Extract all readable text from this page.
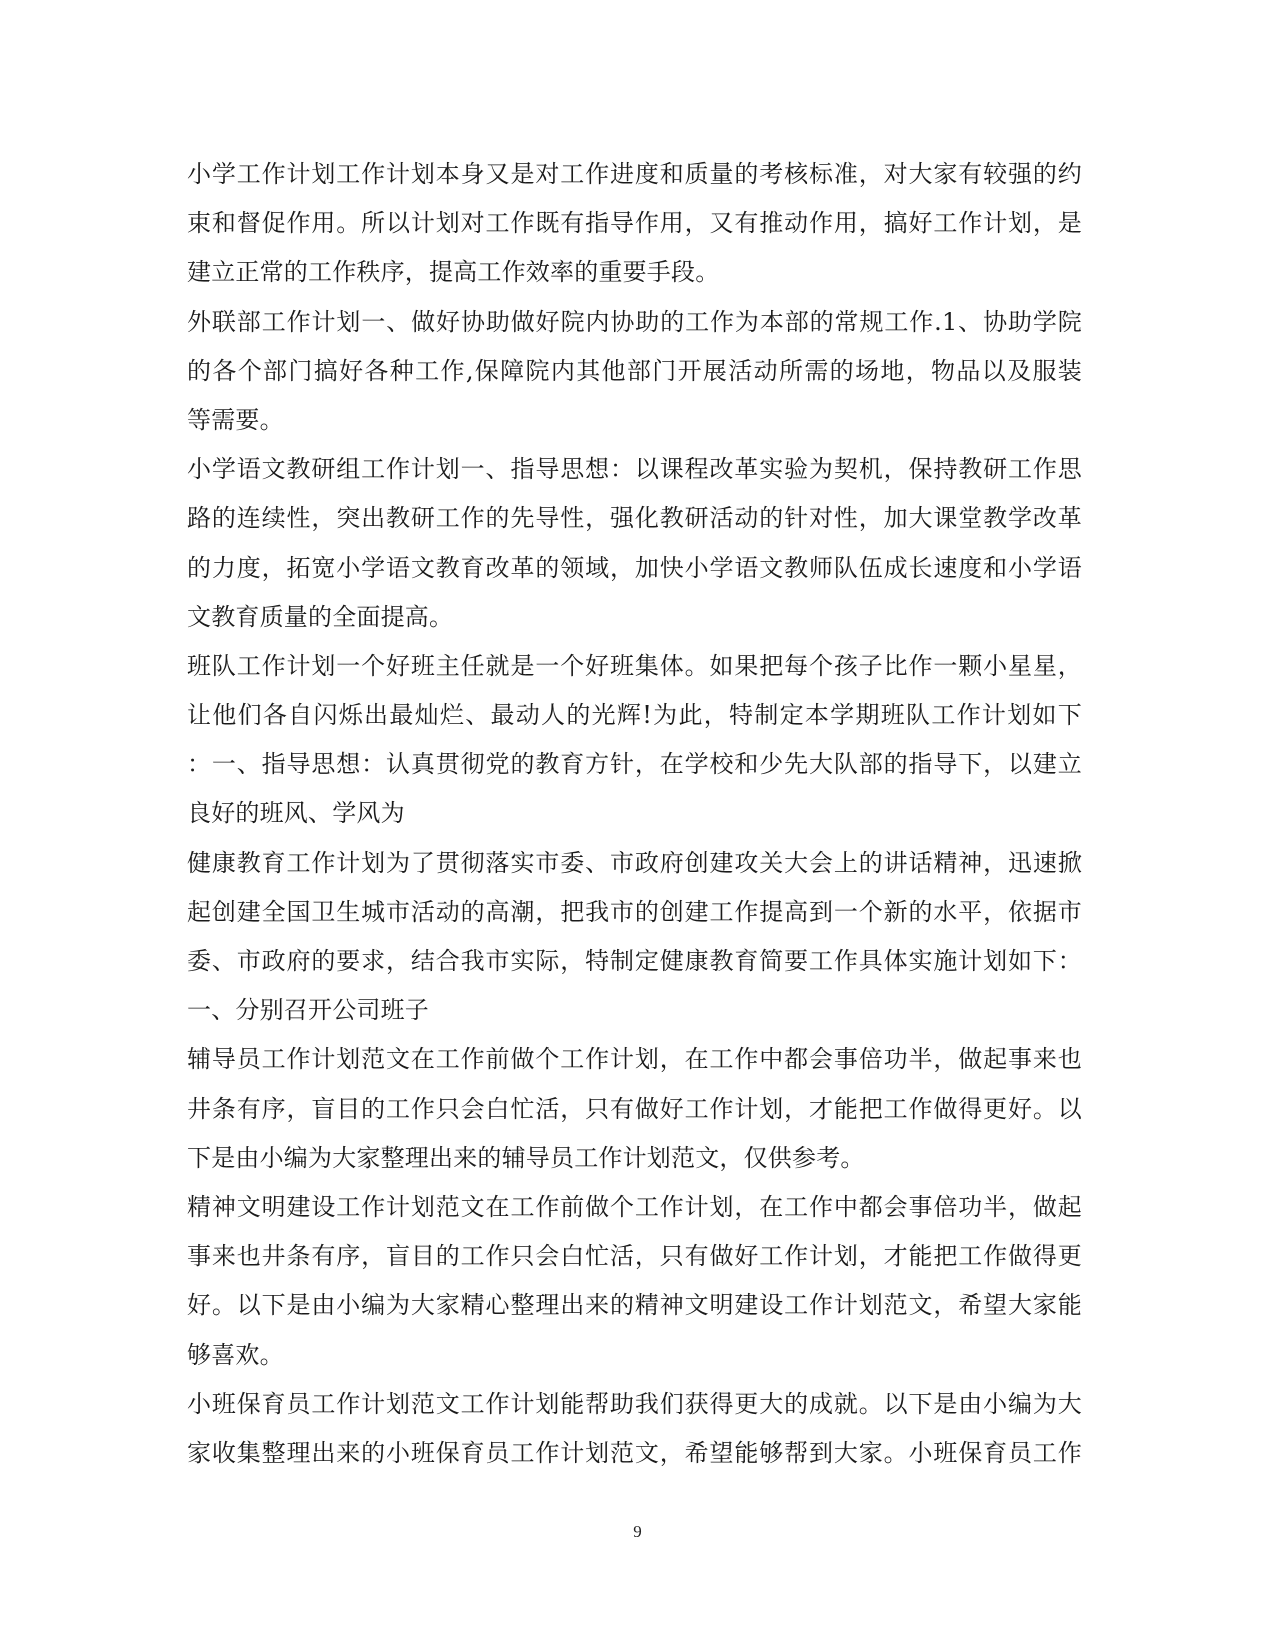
小学工作计划工作计划本身又是对工作进度和质量的考核标准，对大家有较强的约
束和督促作用。所以计划对工作既有指导作用，又有推动作用，搞好工作计划，是
建立正常的工作秩序，提高工作效率的重要手段。
外联部工作计划一、做好协助做好院内协助的工作为本部的常规工作.1、协助学院
的各个部门搞好各种工作,保障院内其他部门开展活动所需的场地，物品以及服装
等需要。
小学语文教研组工作计划一、指导思想：以课程改革实验为契机，保持教研工作思
路的连续性，突出教研工作的先导性，强化教研活动的针对性，加大课堂教学改革
的力度，拓宽小学语文教育改革的领域，加快小学语文教师队伍成长速度和小学语
文教育质量的全面提高。
班队工作计划一个好班主任就是一个好班集体。如果把每个孩子比作一颗小星星，
让他们各自闪烁出最灿烂、最动人的光辉!为此，特制定本学期班队工作计划如下
：一、指导思想：认真贯彻党的教育方针，在学校和少先大队部的指导下，以建立
良好的班风、学风为
健康教育工作计划为了贯彻落实市委、市政府创建攻关大会上的讲话精神，迅速掀
起创建全国卫生城市活动的高潮，把我市的创建工作提高到一个新的水平，依据市
委、市政府的要求，结合我市实际，特制定健康教育简要工作具体实施计划如下：
一、分别召开公司班子
辅导员工作计划范文在工作前做个工作计划，在工作中都会事倍功半，做起事来也
井条有序，盲目的工作只会白忙活，只有做好工作计划，才能把工作做得更好。以
下是由小编为大家整理出来的辅导员工作计划范文，仅供参考。
精神文明建设工作计划范文在工作前做个工作计划，在工作中都会事倍功半，做起
事来也井条有序，盲目的工作只会白忙活，只有做好工作计划，才能把工作做得更
好。以下是由小编为大家精心整理出来的精神文明建设工作计划范文，希望大家能
够喜欢。
小班保育员工作计划范文工作计划能帮助我们获得更大的成就。以下是由小编为大
家收集整理出来的小班保育员工作计划范文，希望能够帮到大家。小班保育员工作
9
